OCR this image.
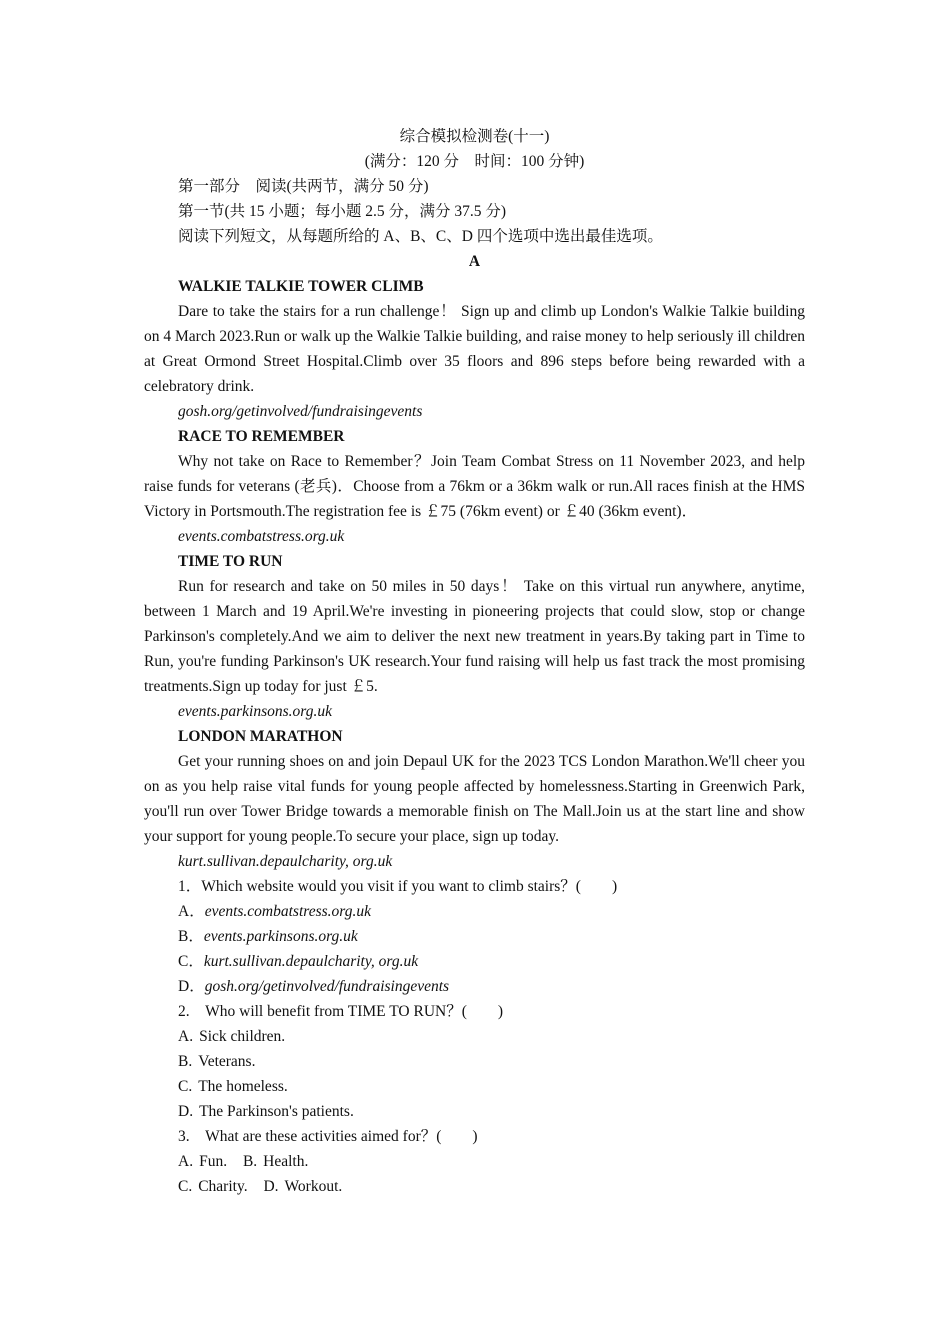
综合模拟检测卷(十一)
(满分：120 分　时间：100 分钟)
第一部分　阅读(共两节，满分 50 分)
第一节(共 15 小题；每小题 2.5 分，满分 37.5 分)
阅读下列短文，从每题所给的 A、B、C、D 四个选项中选出最佳选项。
A
WALKIE TALKIE TOWER CLIMB
Dare to take the stairs for a run challenge！ Sign up and climb up London's Walkie Talkie building on 4 March 2023.Run or walk up the Walkie Talkie building, and raise money to help seriously ill children at Great Ormond Street Hospital.Climb over 35 floors and 896 steps before being rewarded with a celebratory drink.
gosh.org/getinvolved/fundraisingevents
RACE TO REMEMBER
Why not take on Race to Remember？Join Team Combat Stress on 11 November 2023, and help raise funds for veterans (老兵)．Choose from a 76km or a 36km walk or run.All races finish at the HMS Victory in Portsmouth.The registration fee is ￡75 (76km event) or ￡40 (36km event)．
events.combatstress.org.uk
TIME TO RUN
Run for research and take on 50 miles in 50 days！ Take on this virtual run anywhere, anytime, between 1 March and 19 April.We're investing in pioneering projects that could slow, stop or change Parkinson's completely.And we aim to deliver the next new treatment in years.By taking part in Time to Run, you're funding Parkinson's UK research.Your fund raising will help us fast track the most promising treatments.Sign up today for just ￡5.
events.parkinsons.org.uk
LONDON MARATHON
Get your running shoes on and join Depaul UK for the 2023 TCS London Marathon.We'll cheer you on as you help raise vital funds for young people affected by homelessness.Starting in Greenwich Park, you'll run over Tower Bridge towards a memorable finish on The Mall.Join us at the start line and show your support for young people.To secure your place, sign up today.
kurt.sullivan.depaulcharity, org.uk
1．Which website would you visit if you want to climb stairs？(　　)
A．events.combatstress.org.uk
B．events.parkinsons.org.uk
C．kurt.sullivan.depaulcharity, org.uk
D．gosh.org/getinvolved/fundraisingevents
2.　Who will benefit from TIME TO RUN？(　　)
A. Sick children.
B. Veterans.
C. The homeless.
D. The Parkinson's patients.
3.　What are these activities aimed for？(　　)
A. Fun. B. Health.
C. Charity. D. Workout.
